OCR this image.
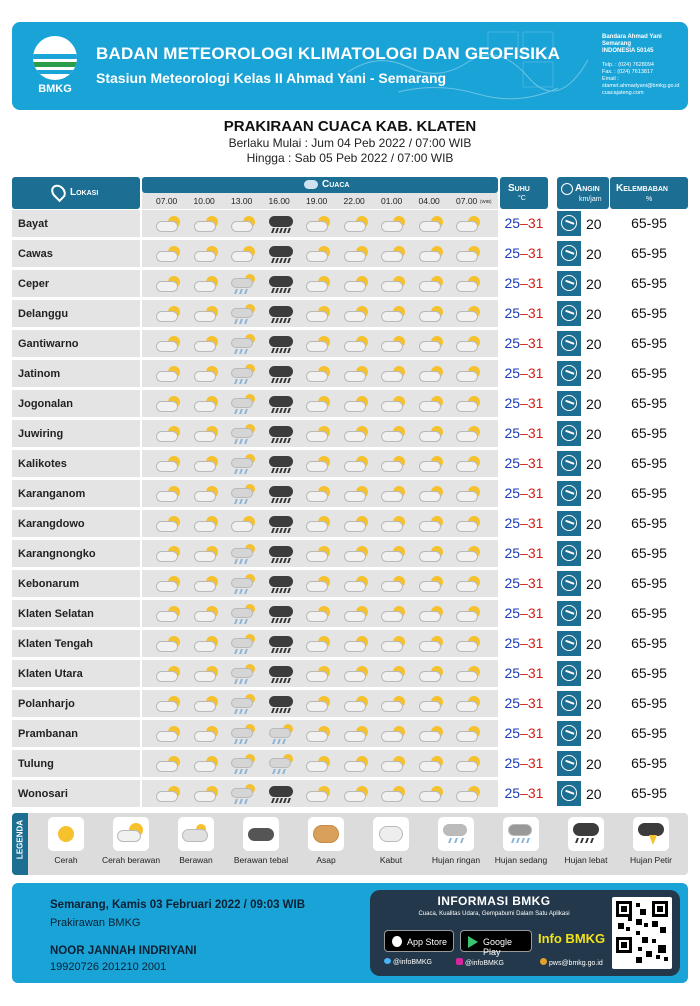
BMKG
BADAN METEOROLOGI KLIMATOLOGI DAN GEOFISIKA
Stasiun Meteorologi Kelas II Ahmad Yani - Semarang
Bandara Ahmad Yani
Semarang
INDONESIA 50145

Telp. : (024) 7628094
Fax. : (024) 7613817
Email : stamet.ahmadyani@bmkg.go.id
cuacajateng.com
PRAKIRAAN CUACA KAB. KLATEN
Berlaku Mulai : Jum 04 Peb 2022 / 07:00 WIB
Hingga : Sab 05 Peb 2022 / 07:00 WIB
Lokasi
Cuaca
07.00 10.00 13.00 16.00 19.00 22.00 01.00 04.00 07.00 (WIB)
Suhu
°C
Angin
km/jam
Kelembaban
%
Bayat	25–31	20	65-95
Cawas	25–31	20	65-95
Ceper	25–31	20	65-95
Delanggu	25–31	20	65-95
Gantiwarno	25–31	20	65-95
Jatinom	25–31	20	65-95
Jogonalan	25–31	20	65-95
Juwiring	25–31	20	65-95
Kalikotes	25–31	20	65-95
Karanganom	25–31	20	65-95
Karangdowo	25–31	20	65-95
Karangnongko	25–31	20	65-95
Kebonarum	25–31	20	65-95
Klaten Selatan	25–31	20	65-95
Klaten Tengah	25–31	20	65-95
Klaten Utara	25–31	20	65-95
Polanharjo	25–31	20	65-95
Prambanan	25–31	20	65-95
Tulung	25–31	20	65-95
Wonosari	25–31	20	65-95
LEGENDA
Cerah	Cerah berawan	Berawan	Berawan tebal	Asap	Kabut	Hujan ringan	Hujan sedang	Hujan lebat	Hujan Petir
Semarang, Kamis 03 Februari 2022 / 09:03 WIB
Prakirawan BMKG
NOOR JANNAH INDRIYANI
19920726 201210 2001
INFORMASI BMKG
Cuaca, Kualitas Udara, Gempabumi Dalam Satu Aplikasi
App Store	Google Play
Info BMKG
@infoBMKG	@infoBMKG	pws@bmkg.go.id
